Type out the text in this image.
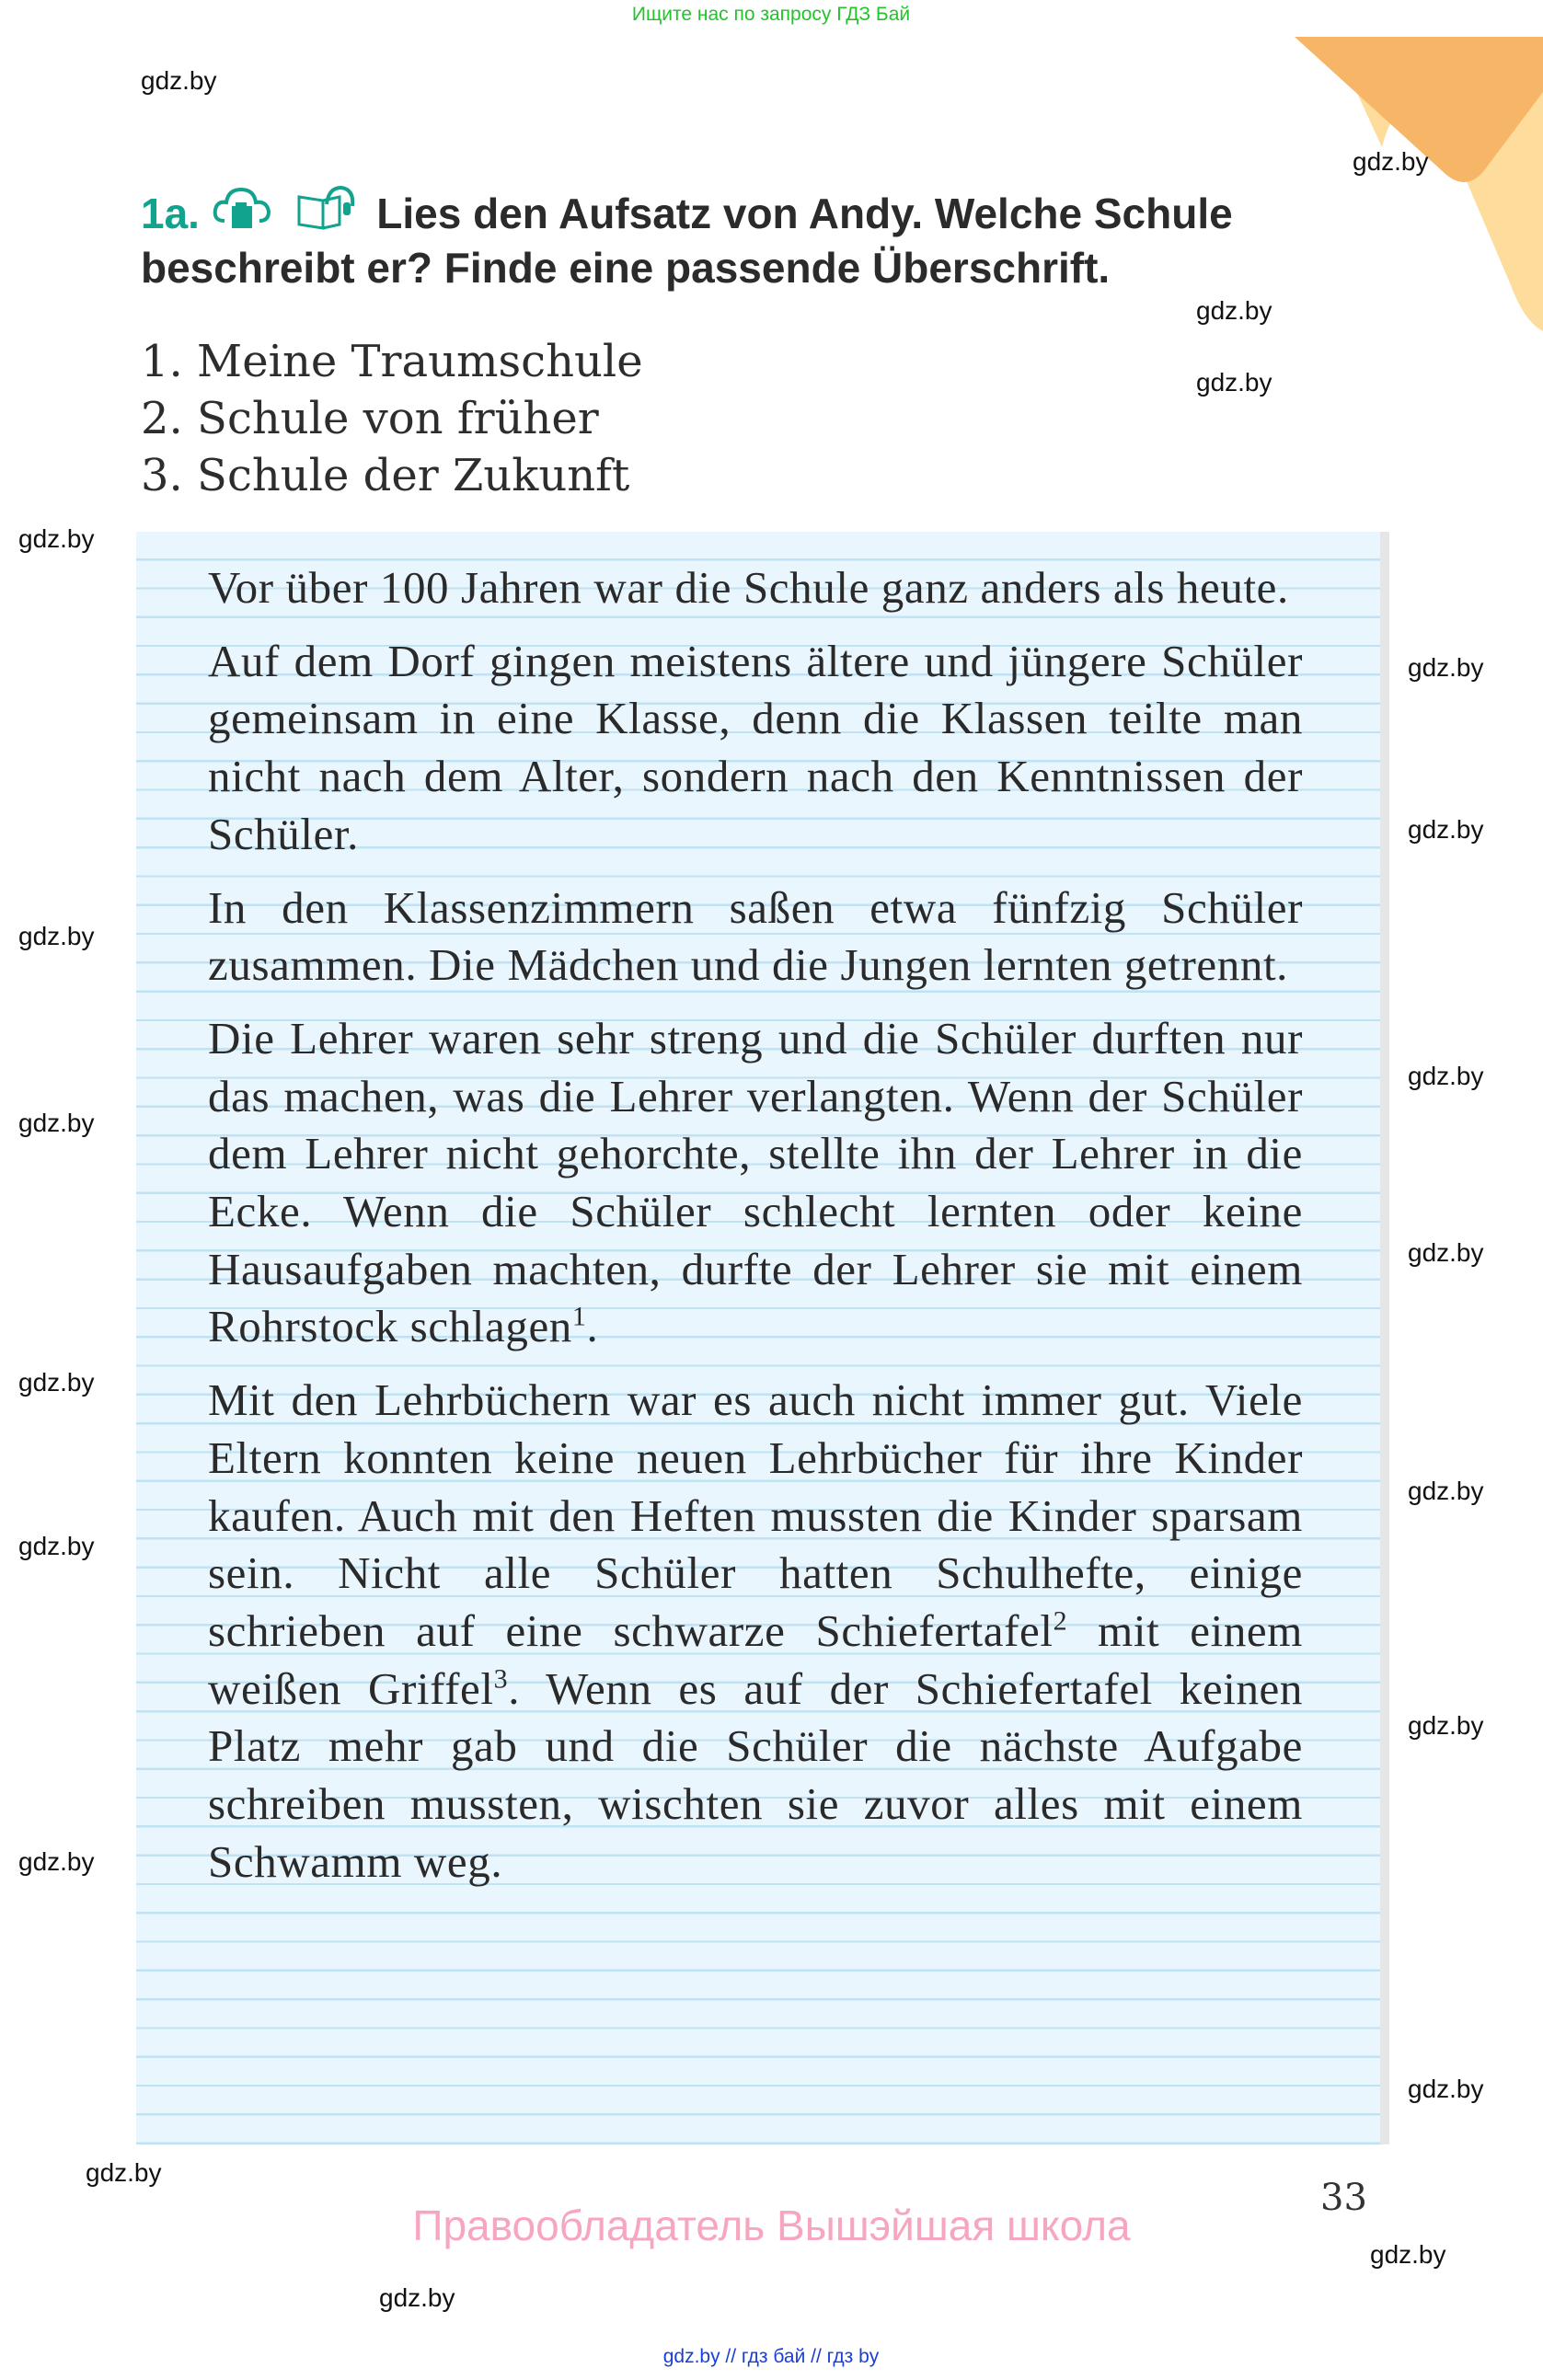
Ищите нас по запросу ГДЗ Бай
1a.	Lies den Aufsatz von Andy. Welche Schule beschreibt er? Finde eine passende Überschrift.
1. Meine Traumschule
2. Schule von früher
3. Schule der Zukunft

Vor über 100 Jahren war die Schule ganz anders als heute.

Auf dem Dorf gingen meistens ältere und jüngere Schüler gemeinsam in eine Klasse, denn die Klassen teilte man nicht nach dem Alter, sondern nach den Kenntnissen der Schüler.

In den Klassenzimmern saßen etwa fünfzig Schüler zusammen. Die Mädchen und die Jungen lernten getrennt.

Die Lehrer waren sehr streng und die Schüler durften nur das machen, was die Lehrer verlangten. Wenn der Schüler dem Lehrer nicht gehorchte, stellte ihn der Lehrer in die Ecke. Wenn die Schüler schlecht lernten oder keine Hausaufgaben machten, durfte der Lehrer sie mit einem Rohrstock schlagen$^1$.

Mit den Lehrbüchern war es auch nicht immer gut. Viele Eltern konnten keine neuen Lehrbücher für ihre Kinder kaufen. Auch mit den Heften mussten die Kinder sparsam sein. Nicht alle Schüler hatten Schulhefte, einige schrieben auf eine schwarze Schiefertafel$^2$ mit einem weißen Griffel$^3$. Wenn es auf der Schiefertafel keinen Platz mehr gab und die Schüler die nächste Aufgabe schreiben mussten, wischten sie zuvor alles mit einem Schwamm weg.

33
Правообладатель Вышэйшая школа
gdz.by // гдз бай // гдз by
gdz.by
gdz.by
gdz.by
gdz.by
gdz.by
gdz.by
gdz.by
gdz.by
gdz.by
gdz.by
gdz.by
gdz.by
gdz.by
gdz.by
gdz.by
gdz.by
gdz.by
gdz.by
gdz.by
gdz.by
